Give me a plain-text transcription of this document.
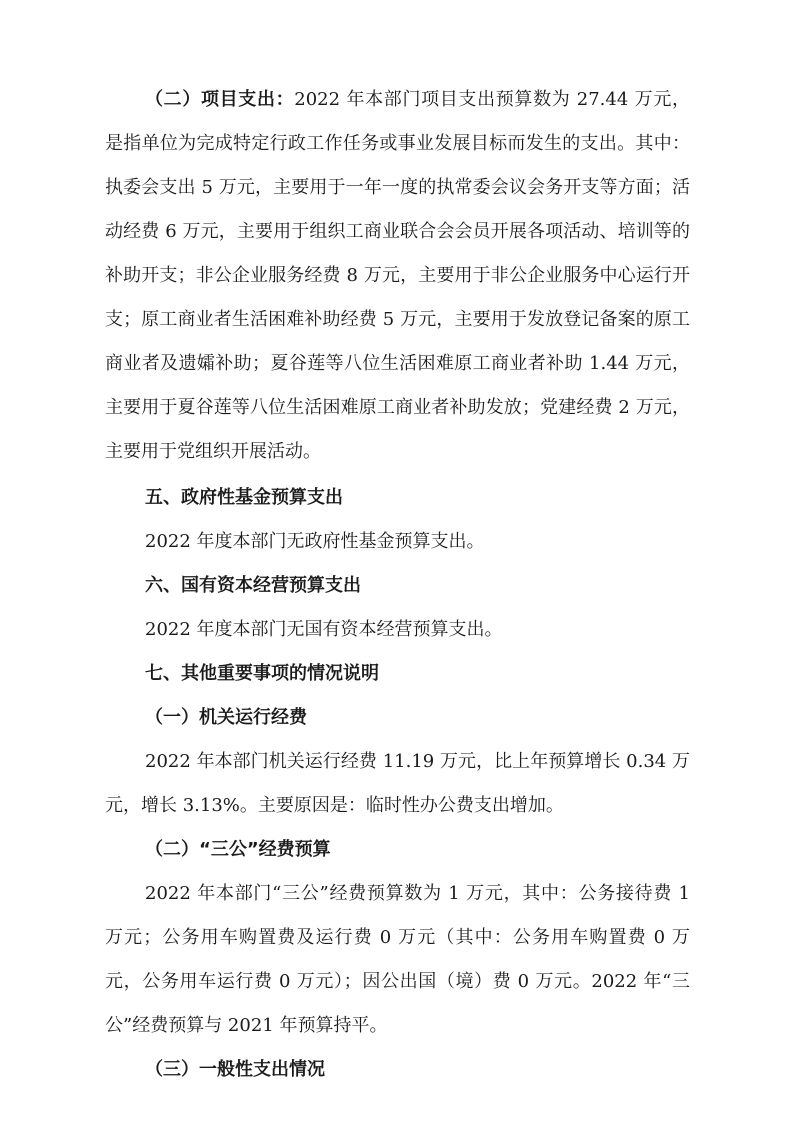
（二）项目支出：2022 年本部门项目支出预算数为 27.44 万元，是指单位为完成特定行政工作任务或事业发展目标而发生的支出。其中：执委会支出 5 万元，主要用于一年一度的执常委会议会务开支等方面；活动经费 6 万元，主要用于组织工商业联合会会员开展各项活动、培训等的补助开支；非公企业服务经费 8 万元，主要用于非公企业服务中心运行开支；原工商业者生活困难补助经费 5 万元，主要用于发放登记备案的原工商业者及遗孀补助；夏谷莲等八位生活困难原工商业者补助 1.44 万元，主要用于夏谷莲等八位生活困难原工商业者补助发放；党建经费 2 万元，主要用于党组织开展活动。

五、政府性基金预算支出

2022 年度本部门无政府性基金预算支出。

六、国有资本经营预算支出

2022 年度本部门无国有资本经营预算支出。

七、其他重要事项的情况说明

（一）机关运行经费

2022 年本部门机关运行经费 11.19 万元，比上年预算增长 0.34 万元，增长 3.13%。主要原因是：临时性办公费支出增加。

（二）“三公”经费预算

2022 年本部门“三公”经费预算数为 1 万元，其中：公务接待费 1 万元；公务用车购置费及运行费 0 万元（其中：公务用车购置费 0 万元，公务用车运行费 0 万元）；因公出国（境）费 0 万元。2022 年“三公”经费预算与 2021 年预算持平。

（三）一般性支出情况
